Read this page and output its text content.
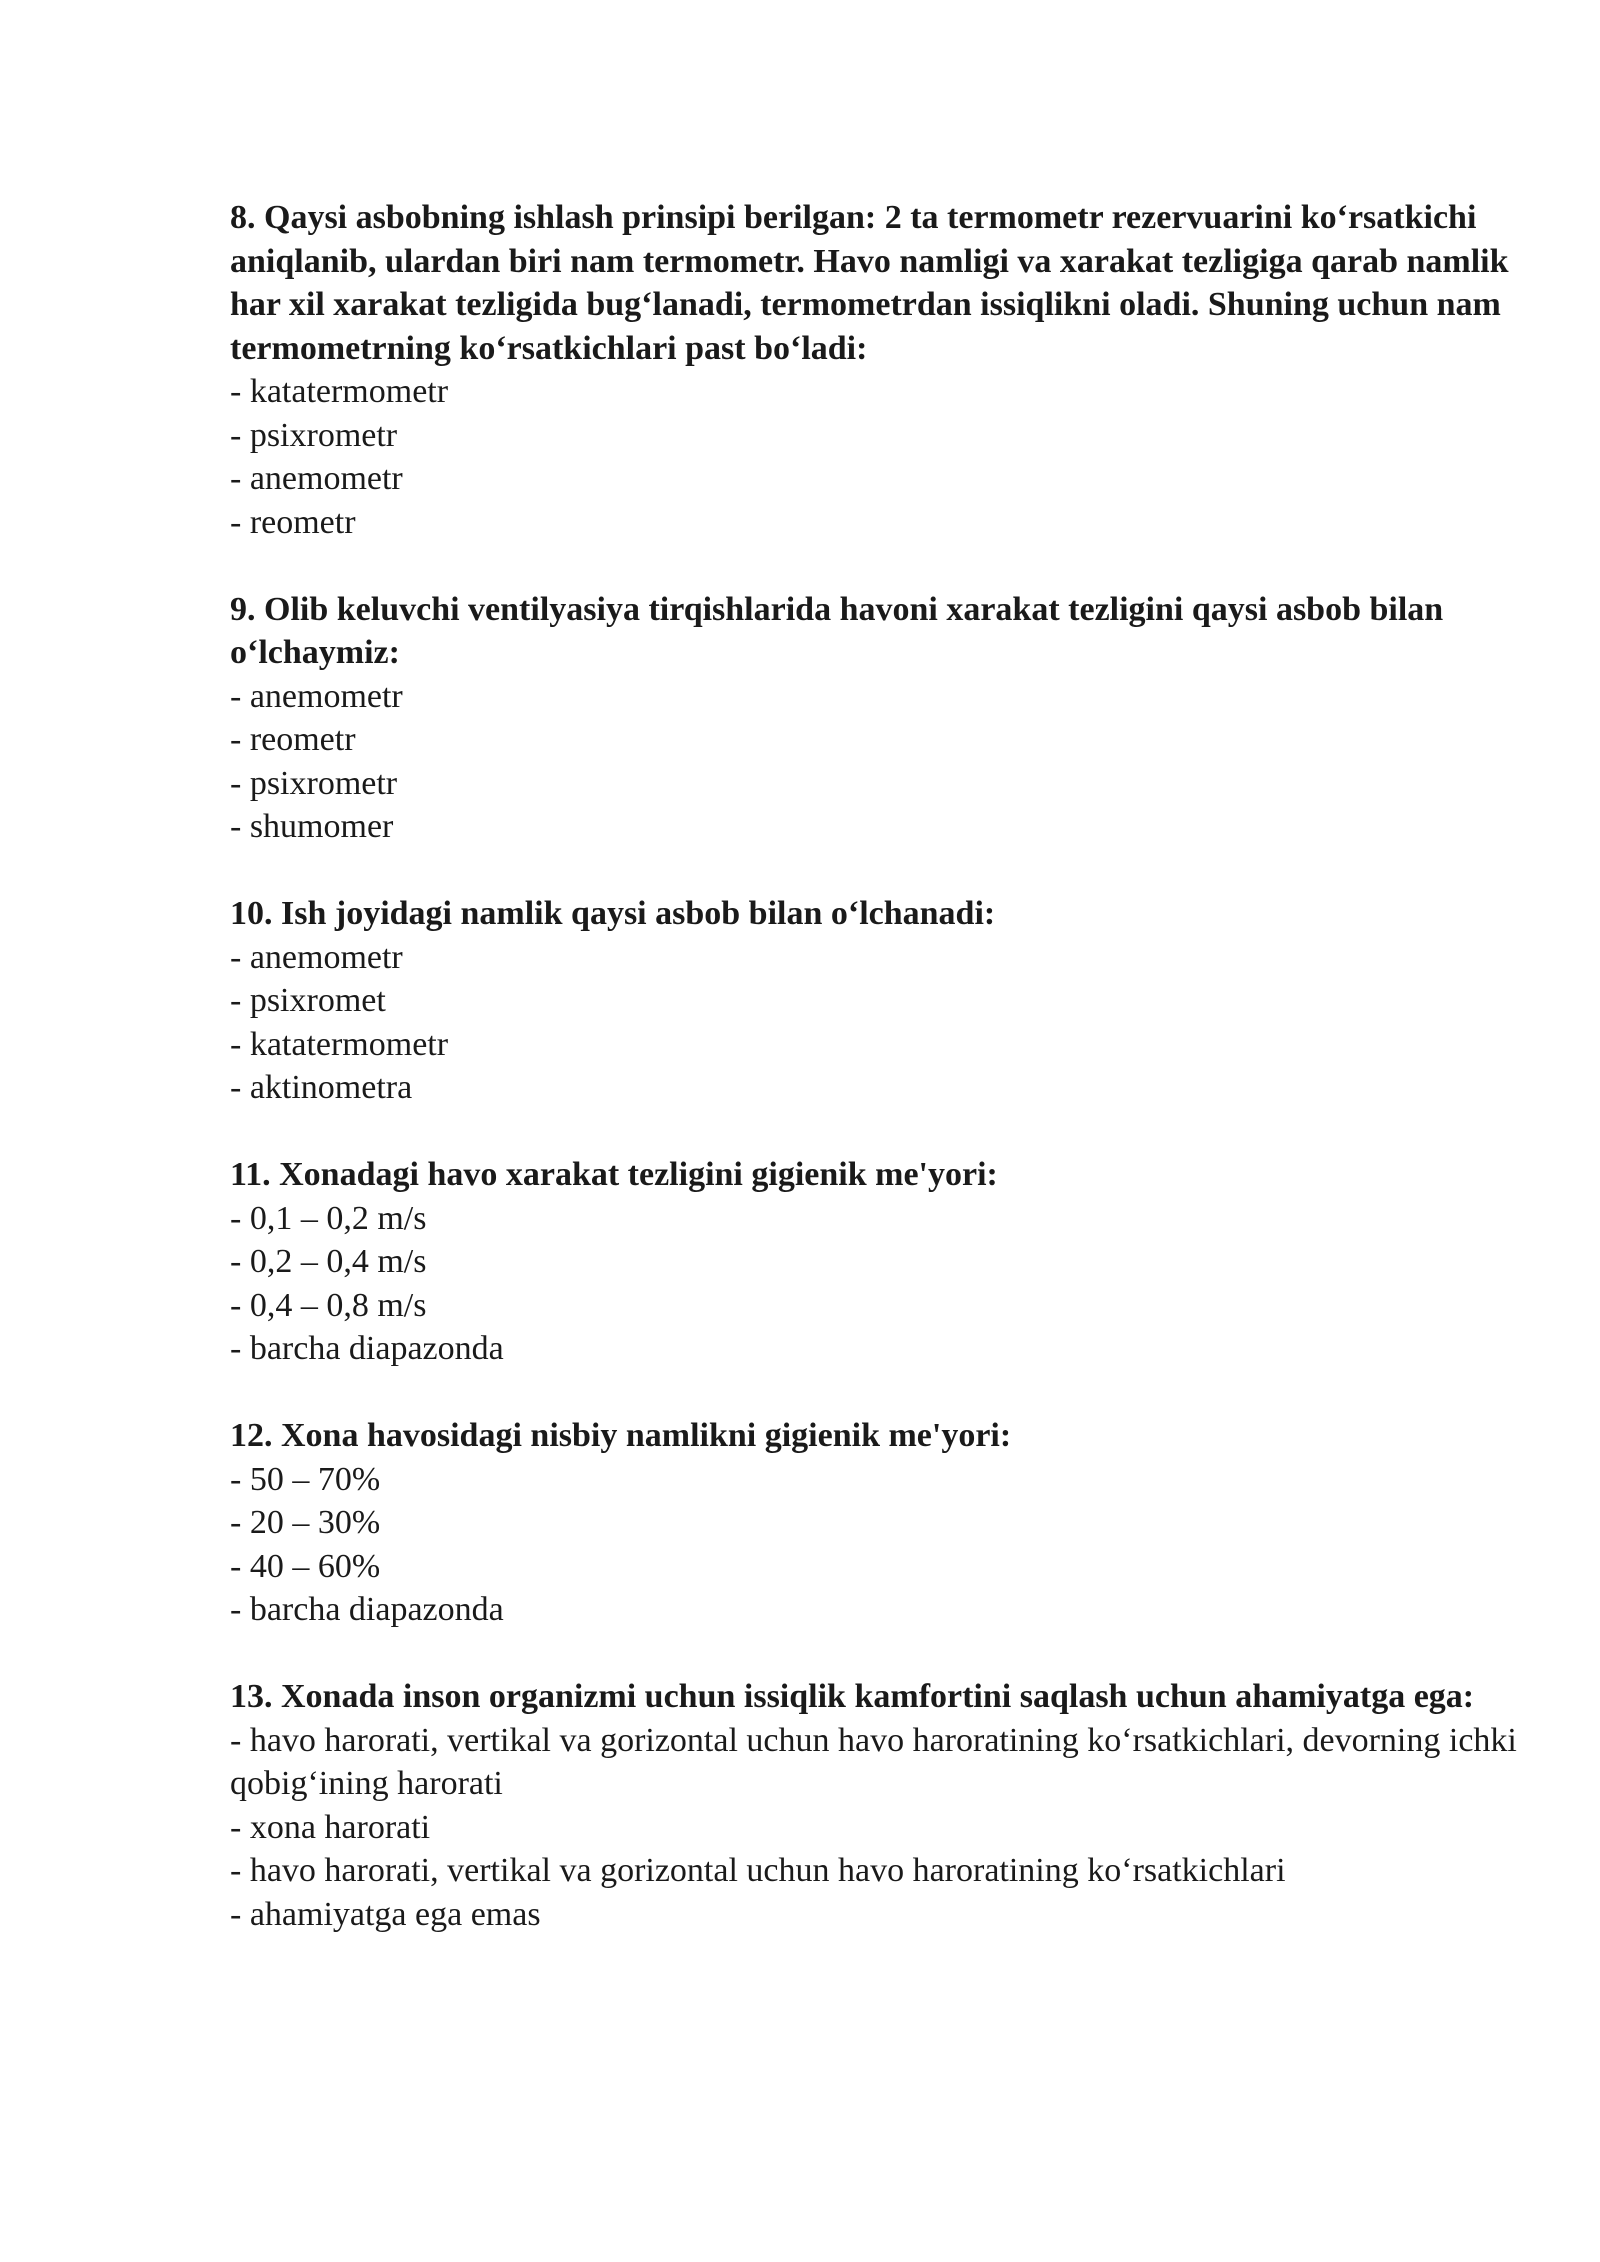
8. Qaysi asbobning ishlash prinsipi berilgan: 2 ta termometr rezervuarini ko‘rsatkichi aniqlanib, ulardan biri nam termometr. Havo namligi va xarakat tezligiga qarab namlik har xil xarakat tezligida bug‘lanadi, termometrdan issiqlikni oladi. Shuning uchun nam termometrning ko‘rsatkichlari past bo‘ladi:

- katatermometr
- psixrometr
- anemometr
- reometr

9. Olib keluvchi ventilyasiya tirqishlarida havoni xarakat tezligini qaysi asbob bilan o‘lchaymiz:

- anemometr
- reometr
- psixrometr
- shumomer

10. Ish joyidagi namlik qaysi asbob bilan o‘lchanadi:

- anemometr
- psixromet
- katatermometr
- aktinometra

11. Xonadagi havo xarakat tezligini gigienik me'yori:

- 0,1 – 0,2 m/s
- 0,2 – 0,4 m/s
- 0,4 – 0,8 m/s
- barcha diapazonda

12. Xona havosidagi nisbiy namlikni gigienik me'yori:

- 50 – 70%
- 20 – 30%
- 40 – 60%
- barcha diapazonda

13. Xonada inson organizmi uchun issiqlik kamfortini saqlash uchun ahamiyatga ega:

- havo harorati, vertikal va gorizontal uchun havo haroratining ko‘rsatkichlari, devorning ichki qobig‘ining harorati
- xona harorati
- havo harorati, vertikal va gorizontal uchun havo haroratining ko‘rsatkichlari
- ahamiyatga ega emas
